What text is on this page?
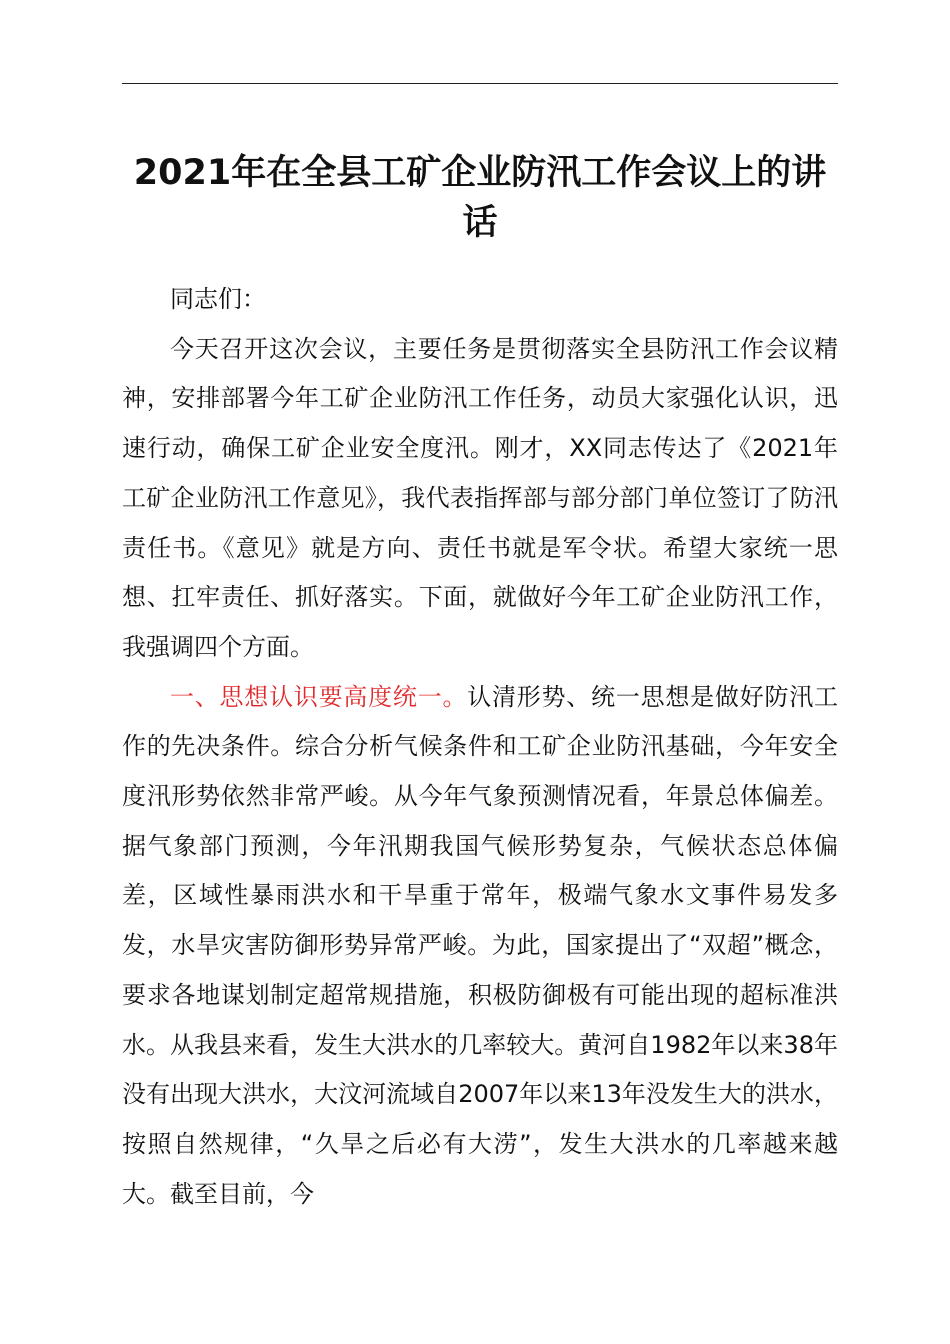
2021年在全县工矿企业防汛工作会议上的讲话

同志们：

今天召开这次会议，主要任务是贯彻落实全县防汛工作会议精神，安排部署今年工矿企业防汛工作任务，动员大家强化认识，迅速行动，确保工矿企业安全度汛。刚才，XX同志传达了《2021年工矿企业防汛工作意见》，我代表指挥部与部分部门单位签订了防汛责任书。《意见》就是方向、责任书就是军令状。希望大家统一思想、扛牢责任、抓好落实。下面，就做好今年工矿企业防汛工作，我强调四个方面。

一、思想认识要高度统一。认清形势、统一思想是做好防汛工作的先决条件。综合分析气候条件和工矿企业防汛基础，今年安全度汛形势依然非常严峻。从今年气象预测情况看，年景总体偏差。据气象部门预测，今年汛期我国气候形势复杂，气候状态总体偏差，区域性暴雨洪水和干旱重于常年，极端气象水文事件易发多发，水旱灾害防御形势异常严峻。为此，国家提出了“双超”概念，要求各地谋划制定超常规措施，积极防御极有可能出现的超标准洪水。从我县来看，发生大洪水的几率较大。黄河自1982年以来38年没有出现大洪水，大汶河流域自2007年以来13年没发生大的洪水，按照自然规律，“久旱之后必有大涝”，发生大洪水的几率越来越大。截至目前，今
